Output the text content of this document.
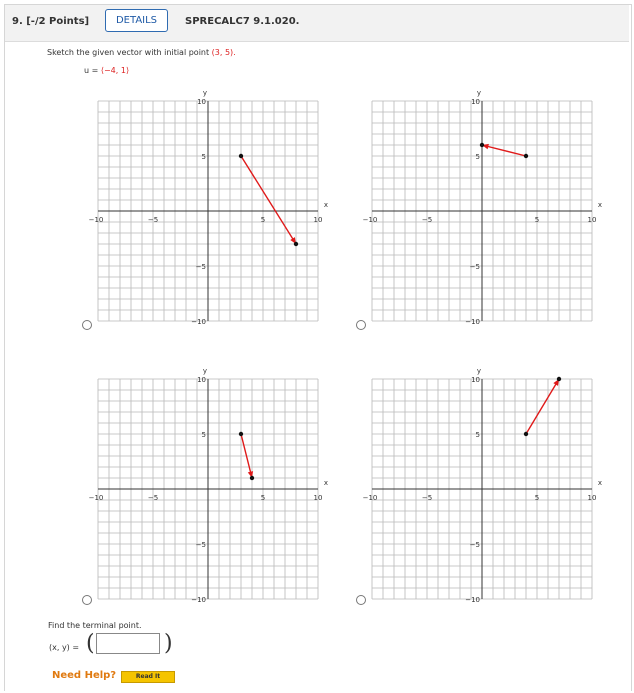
9. [-/2 Points]	DETAILS	SPRECALC7 9.1.020.
Sketch the given vector with initial point (3, 5).
u = ⟨−4, 1⟩
−10	−5	5	10
10
5
−5
−10
y
x
−10	−5	5	10
10
5
−5
−10
y
x
−10	−5	5	10
10
5
−5
−10
y
x
−10	−5	5	10
10
5
−5
−10
y
x
Find the terminal point.
(x, y) = (	)
Need Help?	Read It
